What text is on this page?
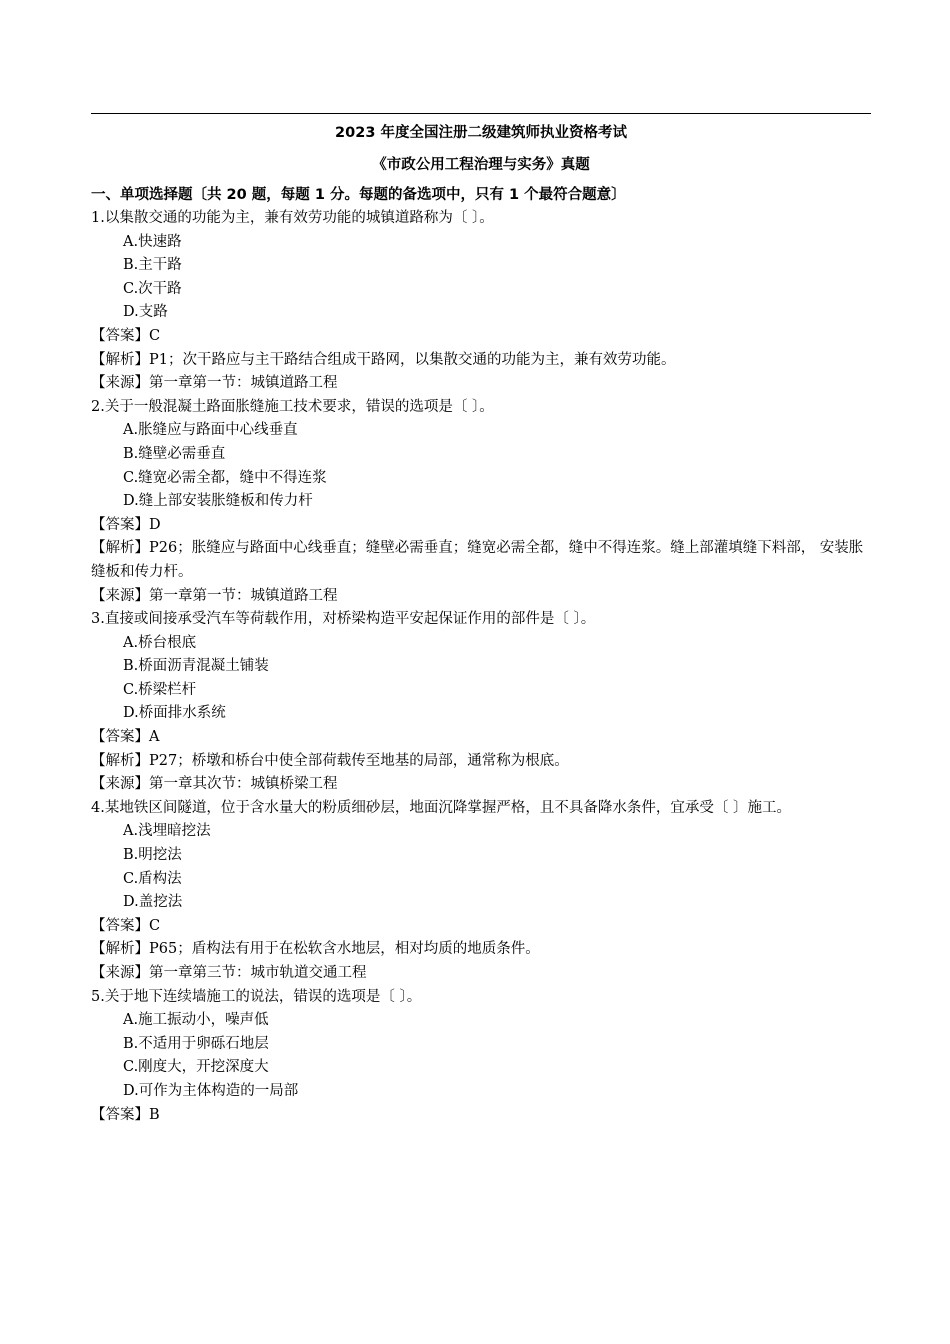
2023 年度全国注册二级建筑师执业资格考试
《市政公用工程治理与实务》真题
一、单项选择题〔共 20 题，每题 1 分。每题的备选项中，只有 1 个最符合题意〕
1.以集散交通的功能为主，兼有效劳功能的城镇道路称为〔 〕。
A.快速路
B.主干路
C.次干路
D.支路
【答案】C
【解析】P1；次干路应与主干路结合组成干路网，以集散交通的功能为主，兼有效劳功能。
【来源】第一章第一节：城镇道路工程
2.关于一般混凝土路面胀缝施工技术要求，错误的选项是〔 〕。
A.胀缝应与路面中心线垂直
B.缝壁必需垂直
C.缝宽必需全都，缝中不得连浆
D.缝上部安装胀缝板和传力杆
【答案】D
【解析】P26；胀缝应与路面中心线垂直；缝壁必需垂直；缝宽必需全都，缝中不得连浆。缝上部灌填缝下料部， 安装胀缝板和传力杆。
【来源】第一章第一节：城镇道路工程
3.直接或间接承受汽车等荷载作用，对桥梁构造平安起保证作用的部件是〔 〕。
A.桥台根底
B.桥面沥青混凝土铺装
C.桥梁栏杆
D.桥面排水系统
【答案】A
【解析】P27；桥墩和桥台中使全部荷载传至地基的局部，通常称为根底。
【来源】第一章其次节：城镇桥梁工程
4.某地铁区间隧道，位于含水量大的粉质细砂层，地面沉降掌握严格，且不具备降水条件，宜承受〔 〕施工。
A.浅埋暗挖法
B.明挖法
C.盾构法
D.盖挖法
【答案】C
【解析】P65；盾构法有用于在松软含水地层，相对均质的地质条件。
【来源】第一章第三节：城市轨道交通工程
5.关于地下连续墙施工的说法，错误的选项是〔 〕。
A.施工振动小，噪声低
B.不适用于卵砾石地层
C.刚度大，开挖深度大
D.可作为主体构造的一局部
【答案】B
